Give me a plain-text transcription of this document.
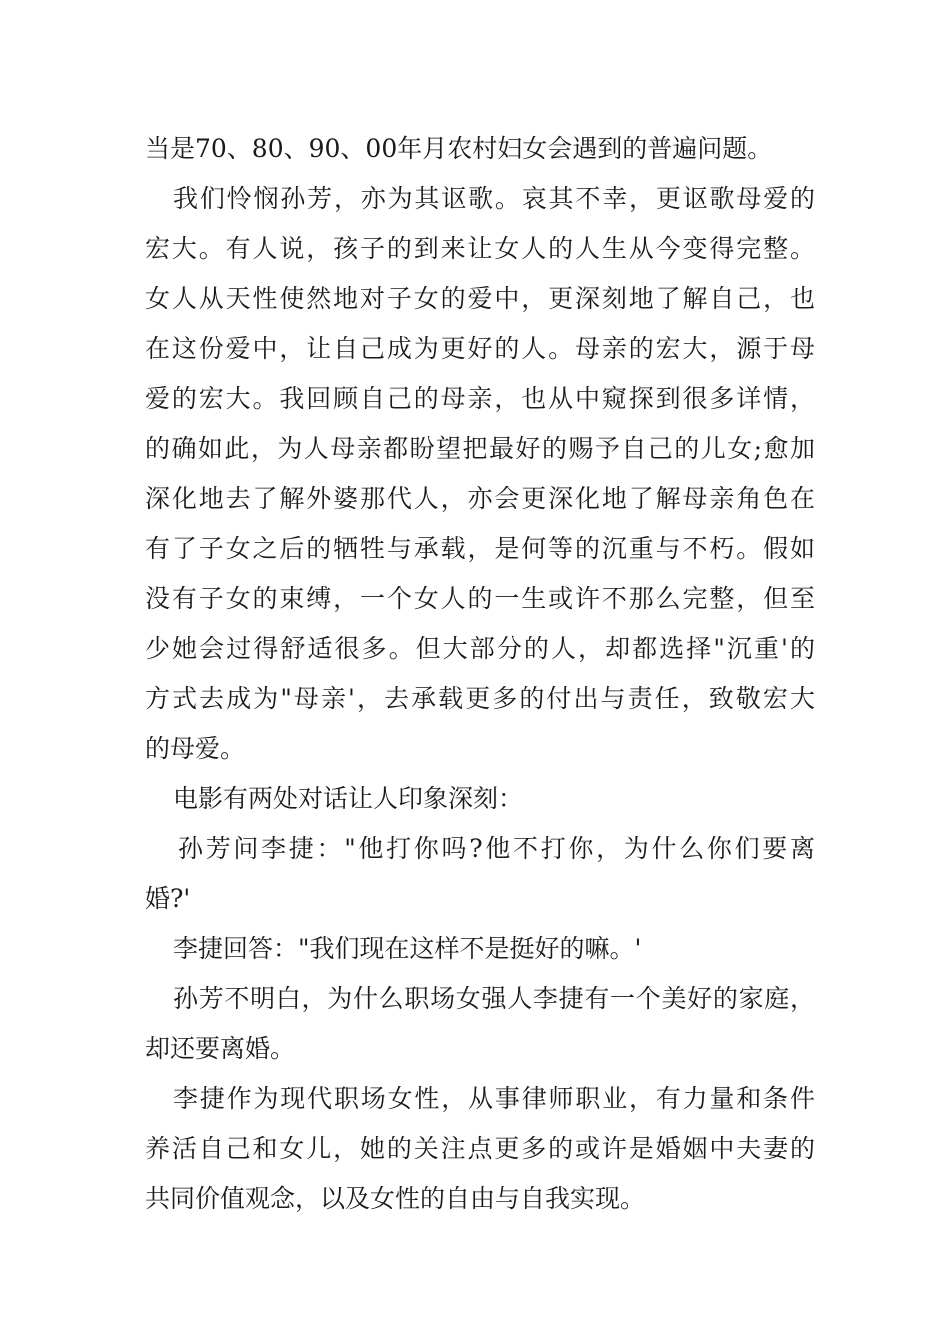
当是70、80、90、00年月农村妇女会遇到的普遍问题。
我们怜悯孙芳，亦为其讴歌。哀其不幸，更讴歌母爱的
宏大。有人说，孩子的到来让女人的人生从今变得完整。
女人从天性使然地对子女的爱中，更深刻地了解自己，也
在这份爱中，让自己成为更好的人。母亲的宏大，源于母
爱的宏大。我回顾自己的母亲，也从中窥探到很多详情，
的确如此，为人母亲都盼望把最好的赐予自己的儿女;愈加
深化地去了解外婆那代人，亦会更深化地了解母亲角色在
有了子女之后的牺牲与承载，是何等的沉重与不朽。假如
没有子女的束缚，一个女人的一生或许不那么完整，但至
少她会过得舒适很多。但大部分的人，却都选择"沉重'的
方式去成为"母亲'，去承载更多的付出与责任，致敬宏大
的母爱。
电影有两处对话让人印象深刻：
孙芳问李捷："他打你吗?他不打你，为什么你们要离
婚?'
李捷回答："我们现在这样不是挺好的嘛。'
孙芳不明白，为什么职场女强人李捷有一个美好的家庭，
却还要离婚。
李捷作为现代职场女性，从事律师职业，有力量和条件
养活自己和女儿，她的关注点更多的或许是婚姻中夫妻的
共同价值观念，以及女性的自由与自我实现。
